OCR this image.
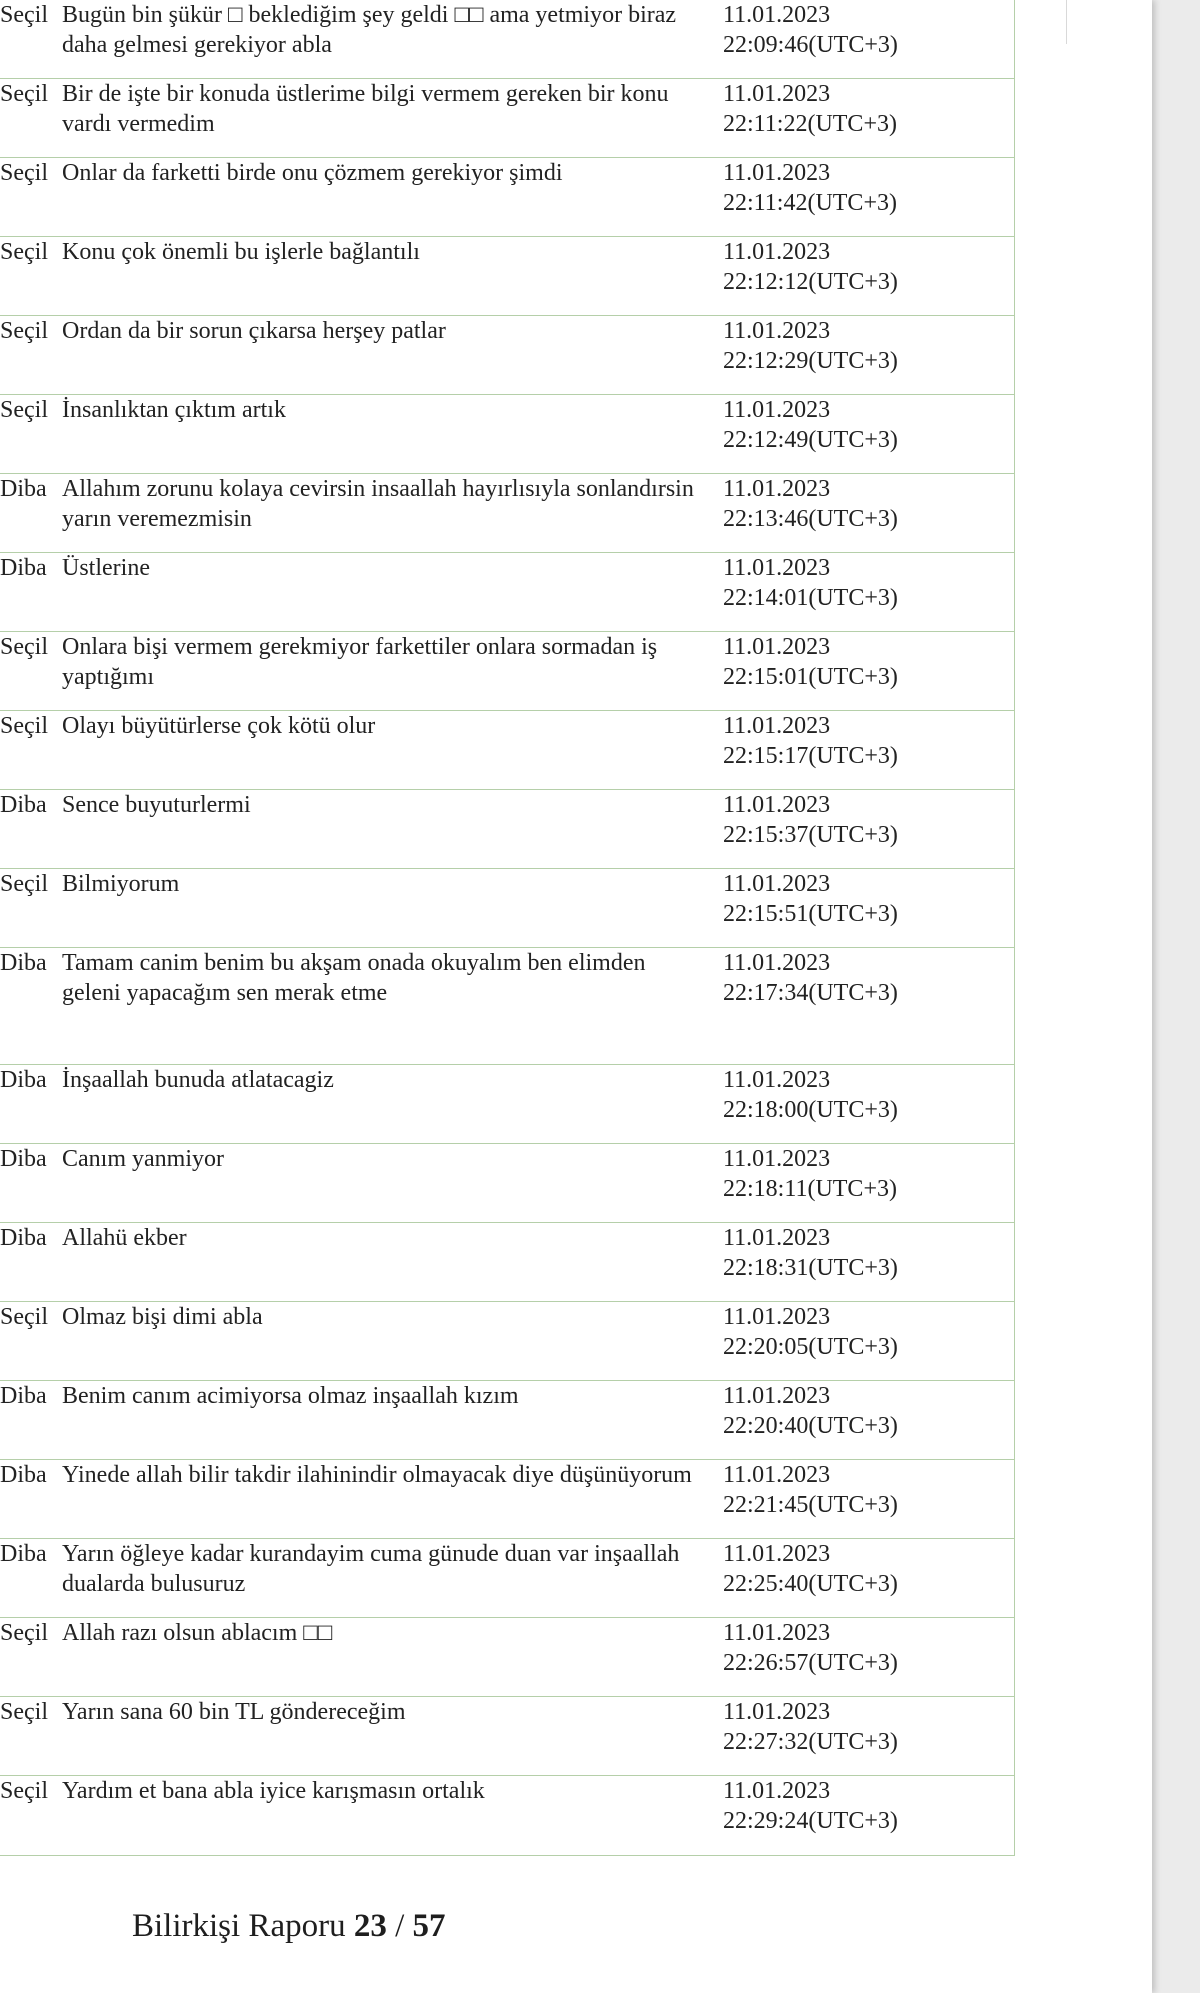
Seçil Bugün bin şükür □ beklediğim şey geldi □□ ama yetmiyor biraz daha gelmesi gerekiyor abla
11.01.2023
22:09:46(UTC+3)
Seçil Bir de işte bir konuda üstlerime bilgi vermem gereken bir konu vardı vermedim
11.01.2023
22:11:22(UTC+3)
Seçil Onlar da farketti birde onu çözmem gerekiyor şimdi	11.01.2023
22:11:42(UTC+3)
Seçil Konu çok önemli bu işlerle bağlantılı	11.01.2023
22:12:12(UTC+3)
Seçil Ordan da bir sorun çıkarsa herşey patlar	11.01.2023
22:12:29(UTC+3)
Seçil İnsanlıktan çıktım artık	11.01.2023
22:12:49(UTC+3)
Diba Allahım zorunu kolaya cevirsin insaallah hayırlısıyla sonlandırsin yarın veremezmisin
11.01.2023
22:13:46(UTC+3)
Diba Üstlerine	11.01.2023
22:14:01(UTC+3)
Seçil Onlara bişi vermem gerekmiyor farkettiler onlara sormadan iş yaptığımı
11.01.2023
22:15:01(UTC+3)
Seçil Olayı büyütürlerse çok kötü olur	11.01.2023
22:15:17(UTC+3)
Diba Sence buyuturlermi	11.01.2023
22:15:37(UTC+3)
Seçil Bilmiyorum	11.01.2023
22:15:51(UTC+3)
Diba Tamam canim benim bu akşam onada okuyalım ben elimden geleni yapacağım sen merak etme
11.01.2023
22:17:34(UTC+3)
Diba İnşaallah bunuda atlatacagiz	11.01.2023
22:18:00(UTC+3)
Diba Canım yanmiyor	11.01.2023
22:18:11(UTC+3)
Diba Allahü ekber	11.01.2023
22:18:31(UTC+3)
Seçil Olmaz bişi dimi abla	11.01.2023
22:20:05(UTC+3)
Diba Benim canım acimiyorsa olmaz inşaallah kızım	11.01.2023
22:20:40(UTC+3)
Diba Yinede allah bilir takdir ilahinindir olmayacak diye düşünüyorum	11.01.2023
22:21:45(UTC+3)
Diba Yarın öğleye kadar kurandayim cuma günude duan var inşaallah dualarda bulusuruz
11.01.2023
22:25:40(UTC+3)
Seçil Allah razı olsun ablacım □□	11.01.2023
22:26:57(UTC+3)
Seçil Yarın sana 60 bin TL göndereceğim	11.01.2023
22:27:32(UTC+3)
Seçil Yardım et bana abla iyice karışmasın ortalık	11.01.2023
22:29:24(UTC+3)
Bilirkişi Raporu 23 / 57
